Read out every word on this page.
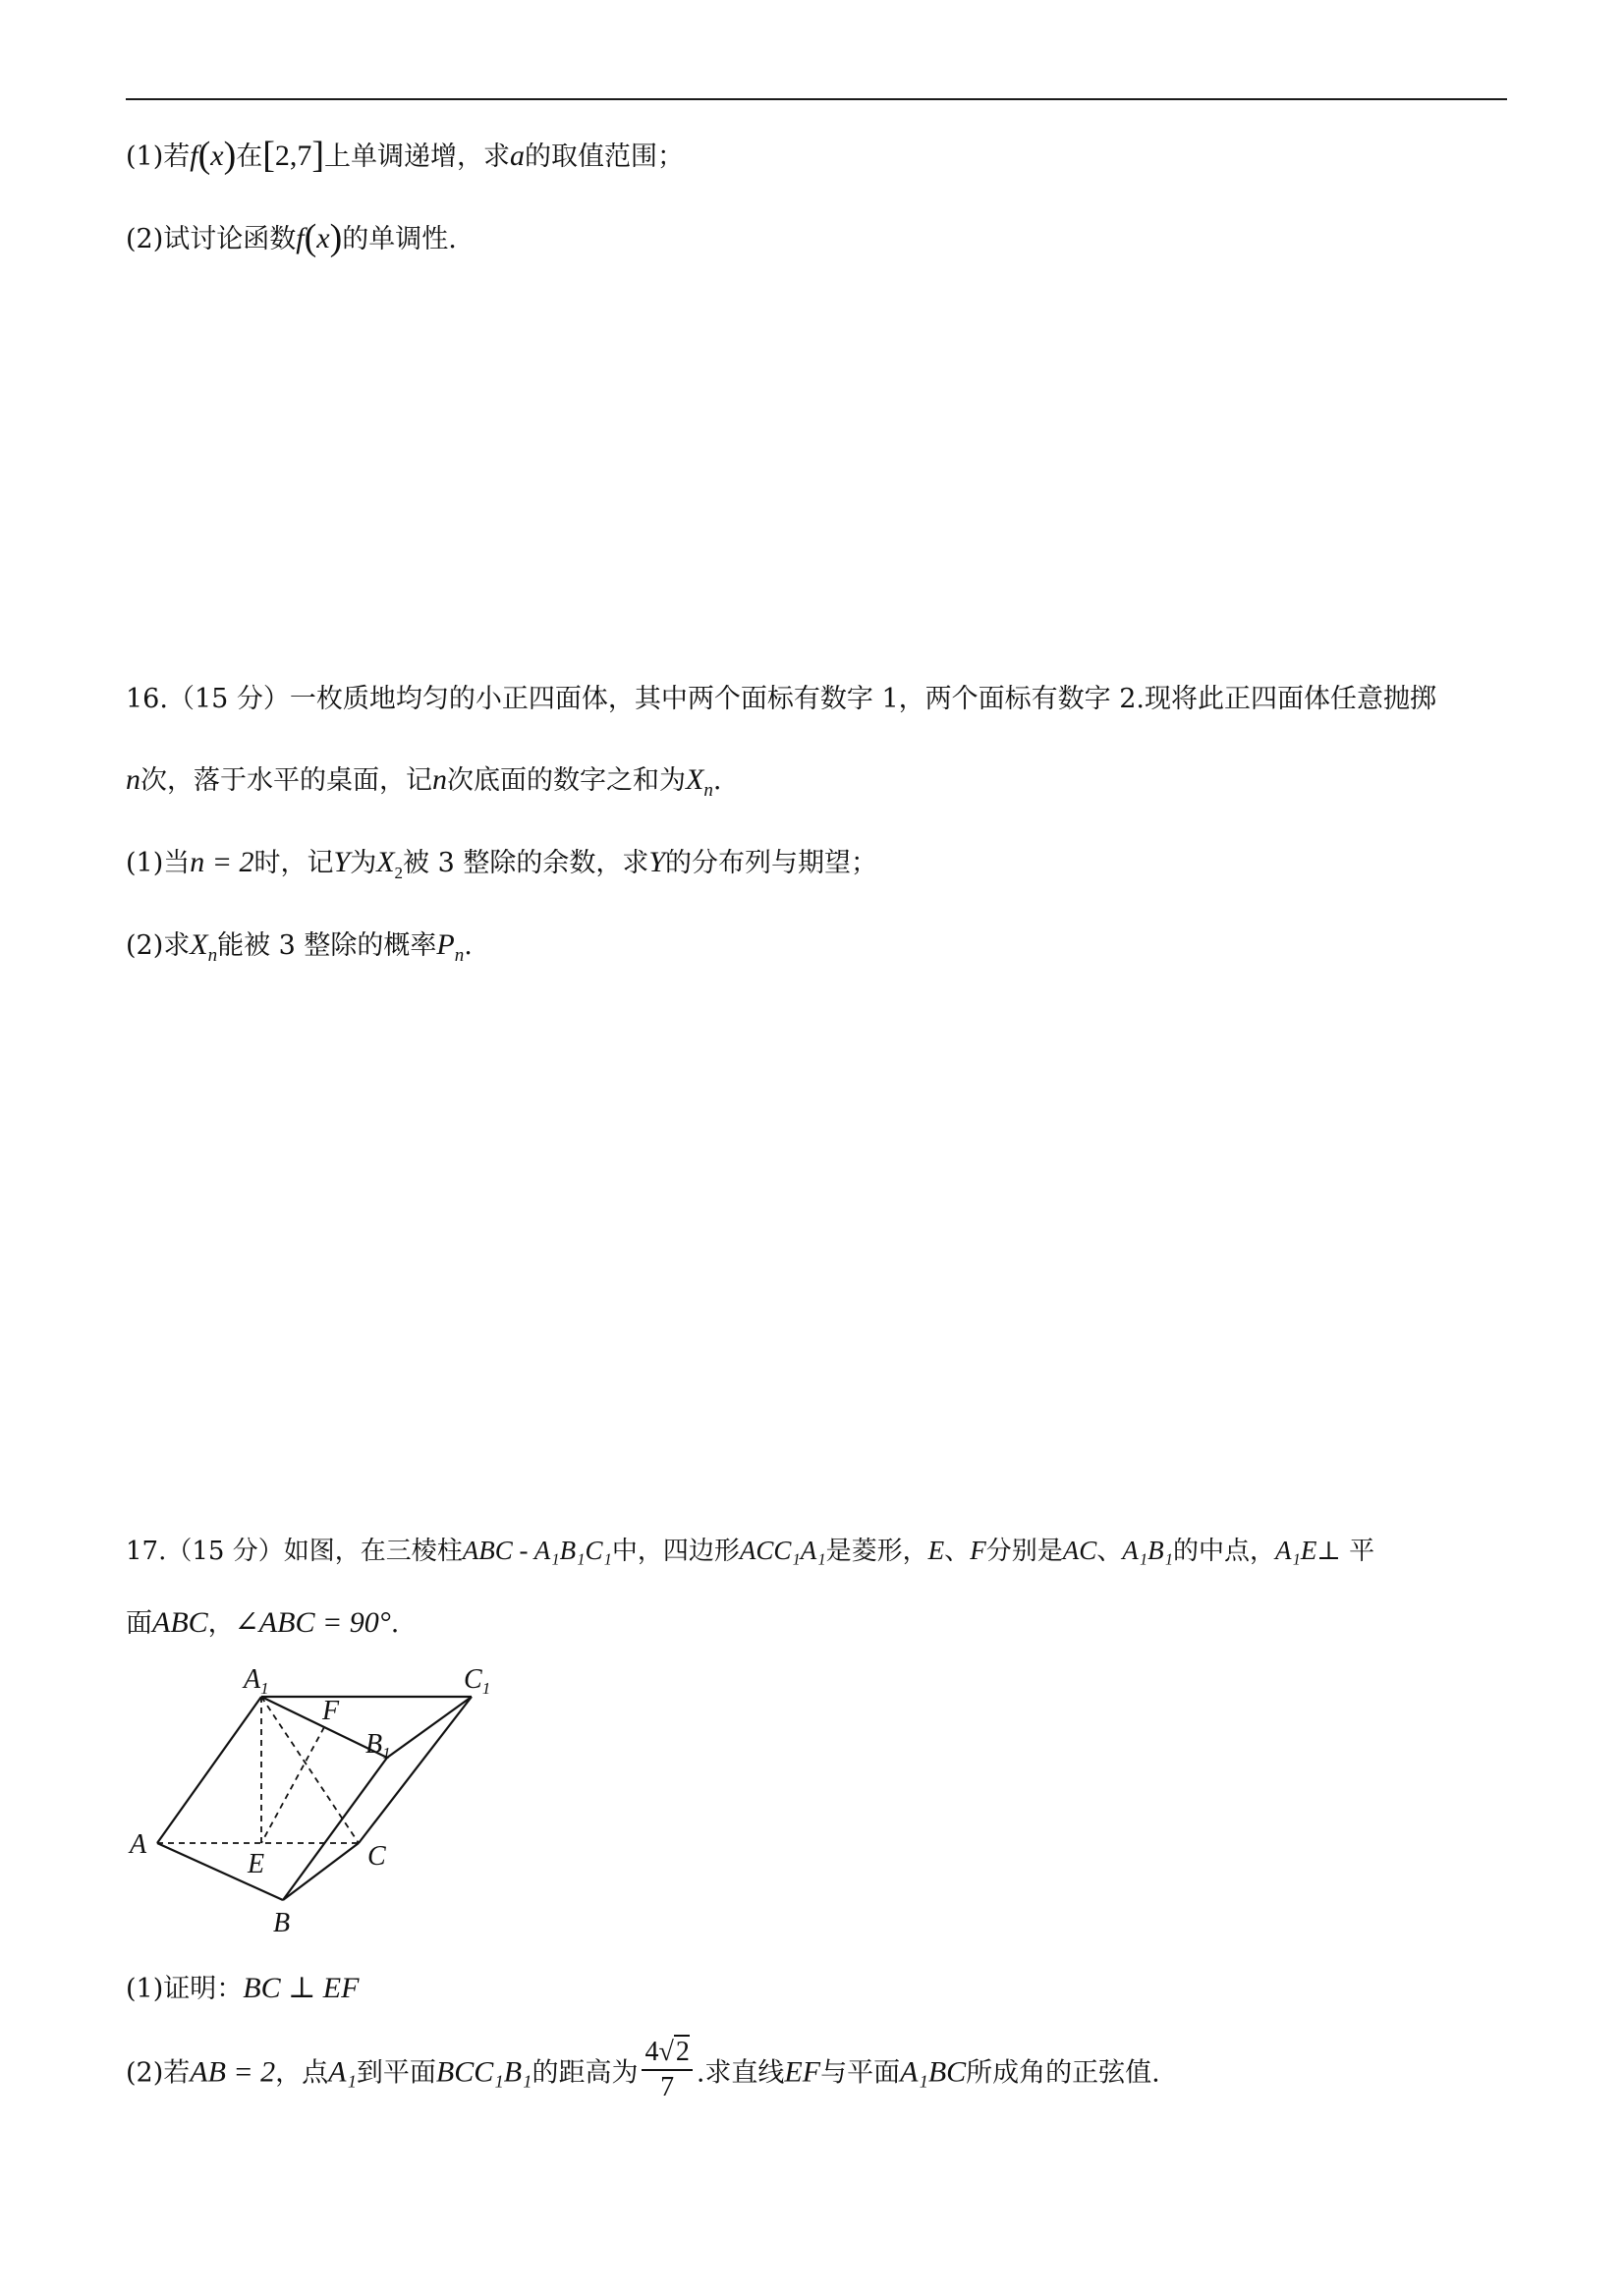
(1)若f(x)在[2,7]上单调递增，求a的取值范围；
(2)试讨论函数f(x)的单调性.
16.（15 分）一枚质地均匀的小正四面体，其中两个面标有数字 1，两个面标有数字 2.现将此正四面体任意抛掷
n次，落于水平的桌面，记n次底面的数字之和为$X_n$.
(1)当n = 2时，记Y为$X_2$被 3 整除的余数，求Y的分布列与期望；
(2)求$X_n$能被 3 整除的概率$P_n$.
17.（15 分）如图，在三棱柱ABC - A₁B₁C₁中，四边形ACC₁A₁是菱形，E、F分别是AC、A₁B₁的中点，A₁E⊥ 平
面ABC，∠ABC = 90°.
$A_1$	$C_1$
F
$B_1$
A
E	C
B
(1)证明：BC ⊥ EF
(2)若AB = 2，点A₁到平面BCC₁B₁的距高为 $\frac{4√2}{7}$ .求直线EF与平面A₁BC所成角的正弦值.
